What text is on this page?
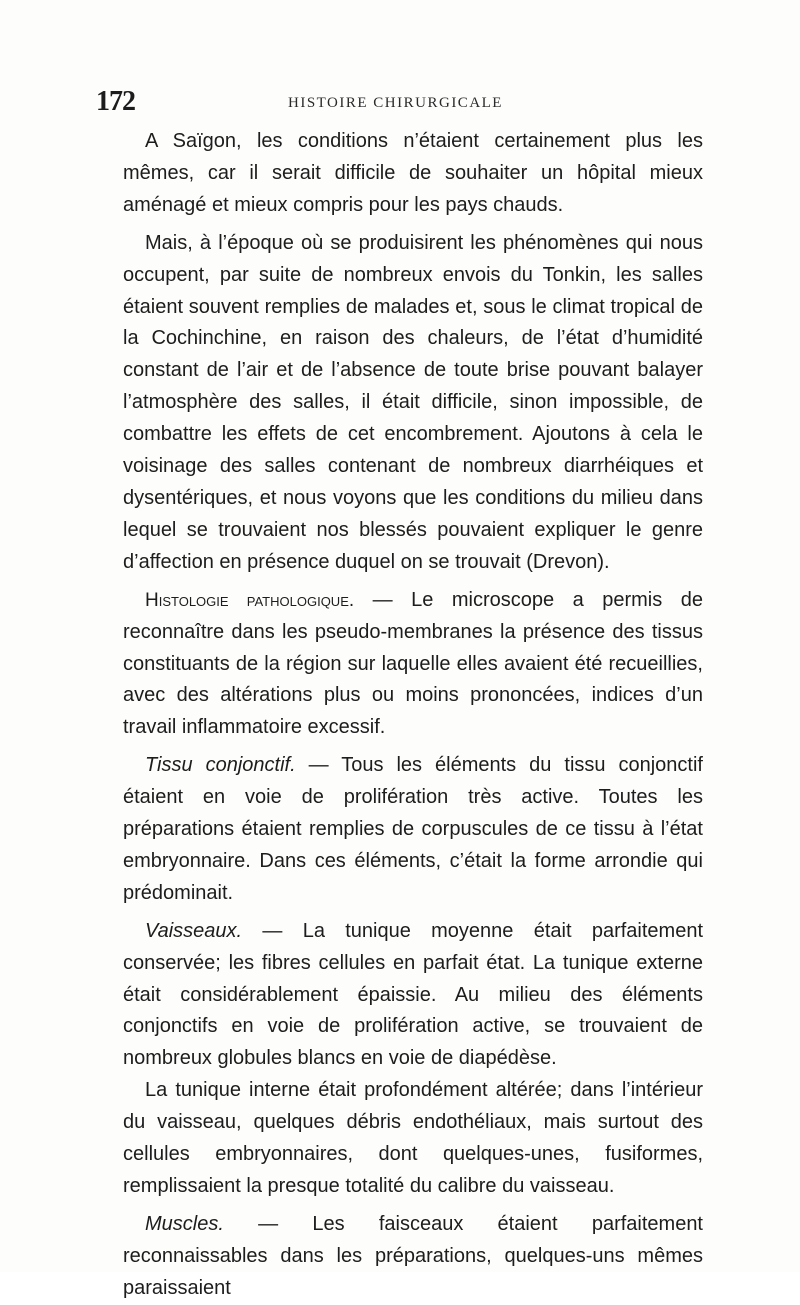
172	HISTOIRE CHIRURGICALE

A Saïgon, les conditions n’étaient certainement plus les mêmes, car il serait difficile de souhaiter un hôpital mieux aménagé et mieux compris pour les pays chauds.

Mais, à l’époque où se produisirent les phénomènes qui nous occupent, par suite de nombreux envois du Tonkin, les salles étaient souvent remplies de malades et, sous le climat tropical de la Cochinchine, en raison des chaleurs, de l’état d’humidité constant de l’air et de l’absence de toute brise pouvant balayer l’atmosphère des salles, il était difficile, sinon impossible, de combattre les effets de cet encombrement. Ajoutons à cela le voisinage des salles contenant de nombreux diarrhéiques et dysentériques, et nous voyons que les conditions du milieu dans lequel se trouvaient nos blessés pouvaient expliquer le genre d’affection en présence duquel on se trouvait (Drevon).

Histologie pathologique. — Le microscope a permis de reconnaître dans les pseudo-membranes la présence des tissus constituants de la région sur laquelle elles avaient été recueillies, avec des altérations plus ou moins prononcées, indices d’un travail inflammatoire excessif.

Tissu conjonctif. — Tous les éléments du tissu conjonctif étaient en voie de prolifération très active. Toutes les préparations étaient remplies de corpuscules de ce tissu à l’état embryonnaire. Dans ces éléments, c’était la forme arrondie qui prédominait.

Vaisseaux. — La tunique moyenne était parfaitement conservée; les fibres cellules en parfait état. La tunique externe était considérablement épaissie. Au milieu des éléments conjonctifs en voie de prolifération active, se trouvaient de nombreux globules blancs en voie de diapédèse.

La tunique interne était profondément altérée; dans l’intérieur du vaisseau, quelques débris endothéliaux, mais surtout des cellules embryonnaires, dont quelques-unes, fusiformes, remplissaient la presque totalité du calibre du vaisseau.

Muscles. — Les faisceaux étaient parfaitement reconnaissables dans les préparations, quelques-uns mêmes paraissaient
